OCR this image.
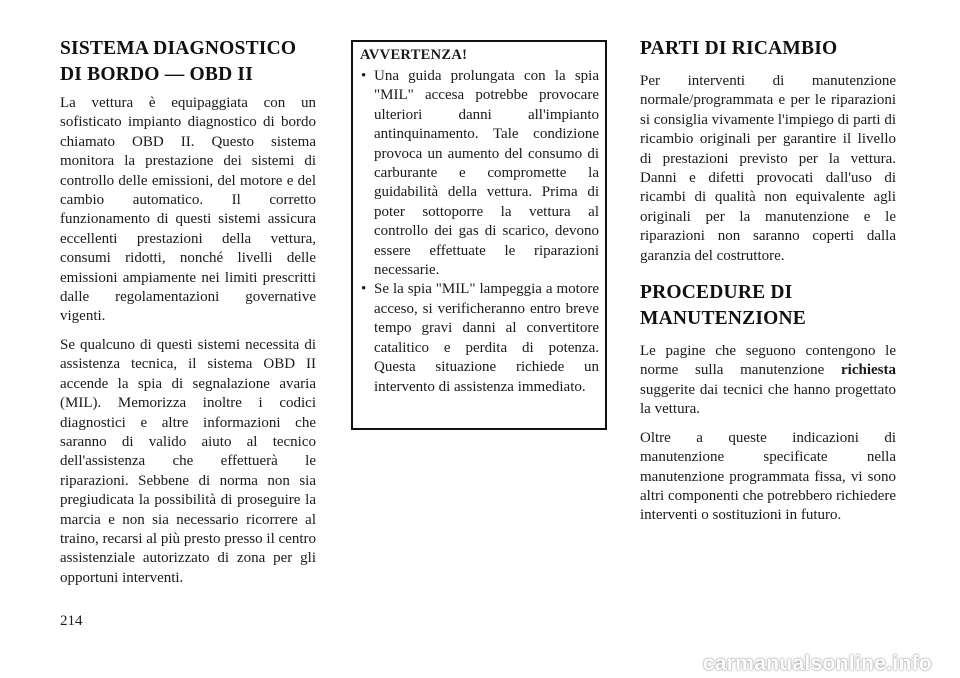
SISTEMA DIAGNOSTICO
DI BORDO — OBD II

La vettura è equipaggiata con un sofisticato impianto diagnostico di bordo chiamato OBD II. Questo sistema monitora la prestazione dei sistemi di controllo delle emissioni, del motore e del cambio automatico. Il corretto funzionamento di questi sistemi assicura eccellenti prestazioni della vettura, consumi ridotti, nonché livelli delle emissioni ampiamente nei limiti prescritti dalle regolamentazioni governative vigenti.

Se qualcuno di questi sistemi necessita di assistenza tecnica, il sistema OBD II accende la spia di segnalazione avaria (MIL). Memorizza inoltre i codici diagnostici e altre informazioni che saranno di valido aiuto al tecnico dell'assistenza che effettuerà le riparazioni. Sebbene di norma non sia pregiudicata la possibilità di proseguire la marcia e non sia necessario ricorrere al traino, recarsi al più presto presso il centro assistenziale autorizzato di zona per gli opportuni interventi.

AVVERTENZA!
• Una guida prolungata con la spia "MIL" accesa potrebbe provocare ulteriori danni all'impianto antinquinamento. Tale condizione provoca un aumento del consumo di carburante e compromette la guidabilità della vettura. Prima di poter sottoporre la vettura al controllo dei gas di scarico, devono essere effettuate le riparazioni necessarie.
• Se la spia "MIL" lampeggia a motore acceso, si verificheranno entro breve tempo gravi danni al convertitore catalitico e perdita di potenza. Questa situazione richiede un intervento di assistenza immediato.
PARTI DI RICAMBIO

Per interventi di manutenzione normale/programmata e per le riparazioni si consiglia vivamente l'impiego di parti di ricambio originali per garantire il livello di prestazioni previsto per la vettura. Danni e difetti provocati dall'uso di ricambi di qualità non equivalente agli originali per la manutenzione e le riparazioni non saranno coperti dalla garanzia del costruttore.

PROCEDURE DI
MANUTENZIONE

Le pagine che seguono contengono le norme sulla manutenzione richiesta suggerite dai tecnici che hanno progettato la vettura.

Oltre a queste indicazioni di manutenzione specificate nella manutenzione programmata fissa, vi sono altri componenti che potrebbero richiedere interventi o sostituzioni in futuro.

214
carmanualsonline.info
